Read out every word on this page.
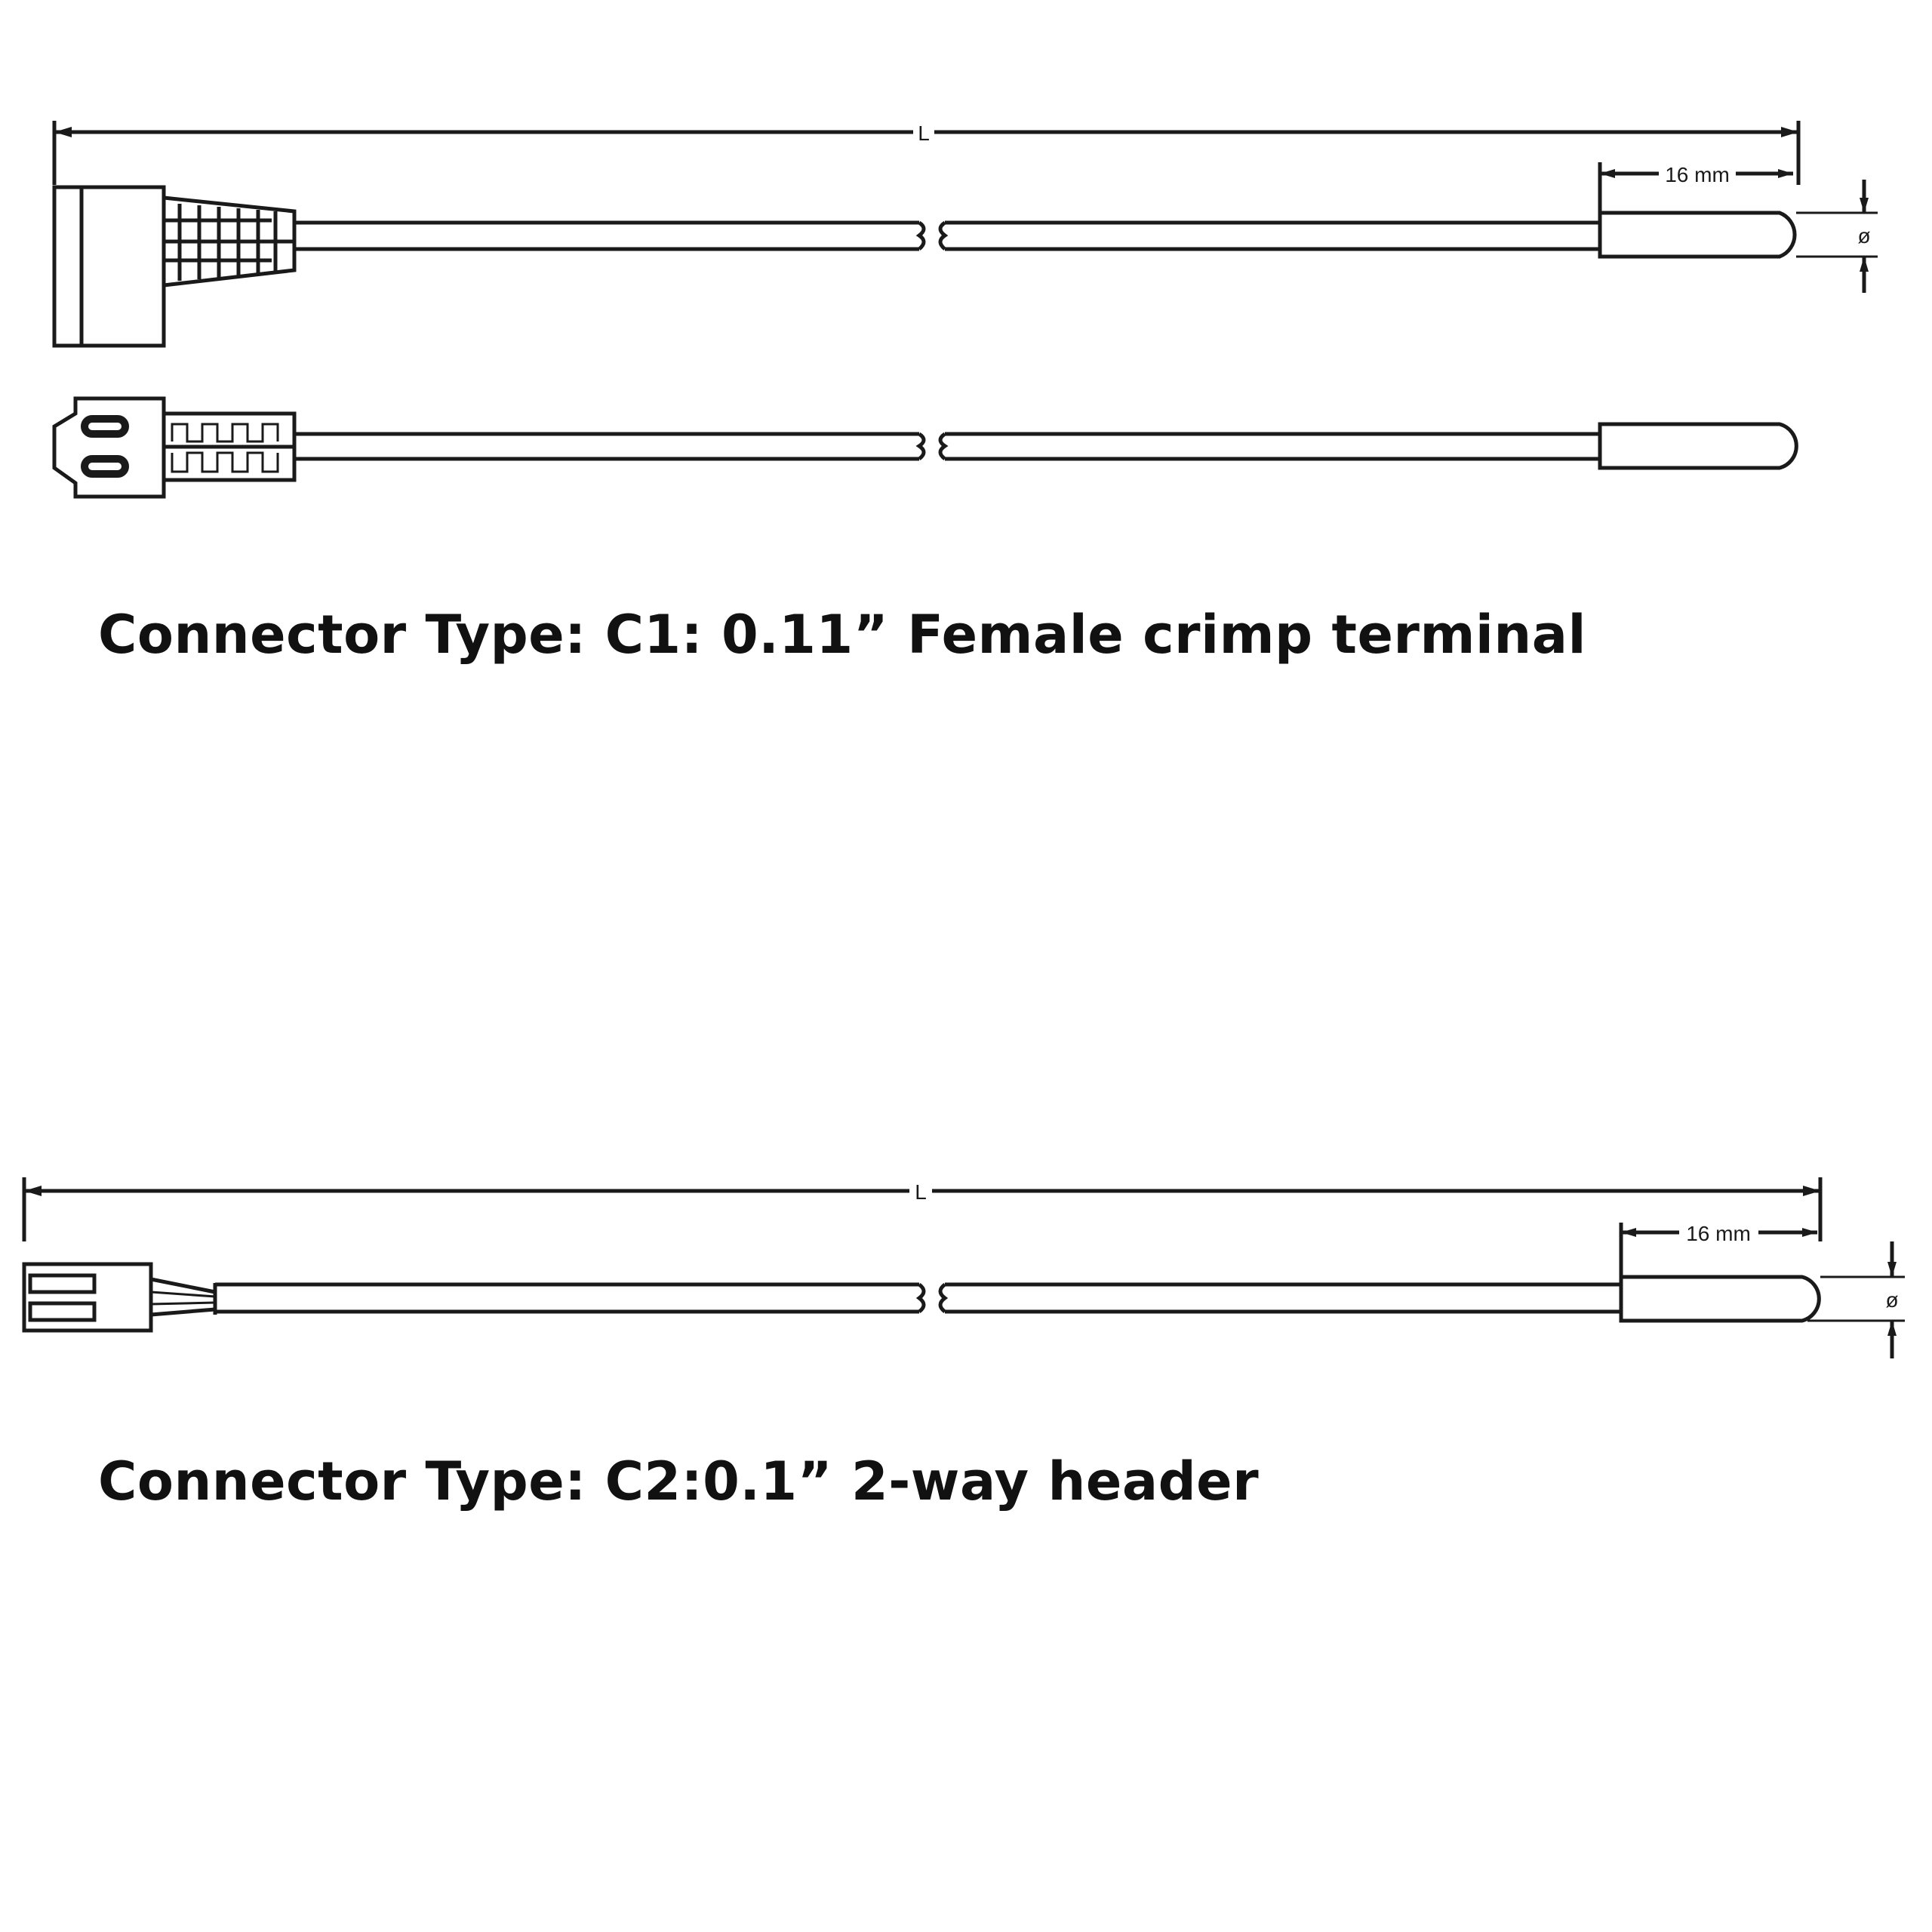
L
16 mm
ø
L
16 mm
ø

Connector Type: C1: 0.11” Female crimp terminal

Connector Type: C2:0.1” 2-way header
